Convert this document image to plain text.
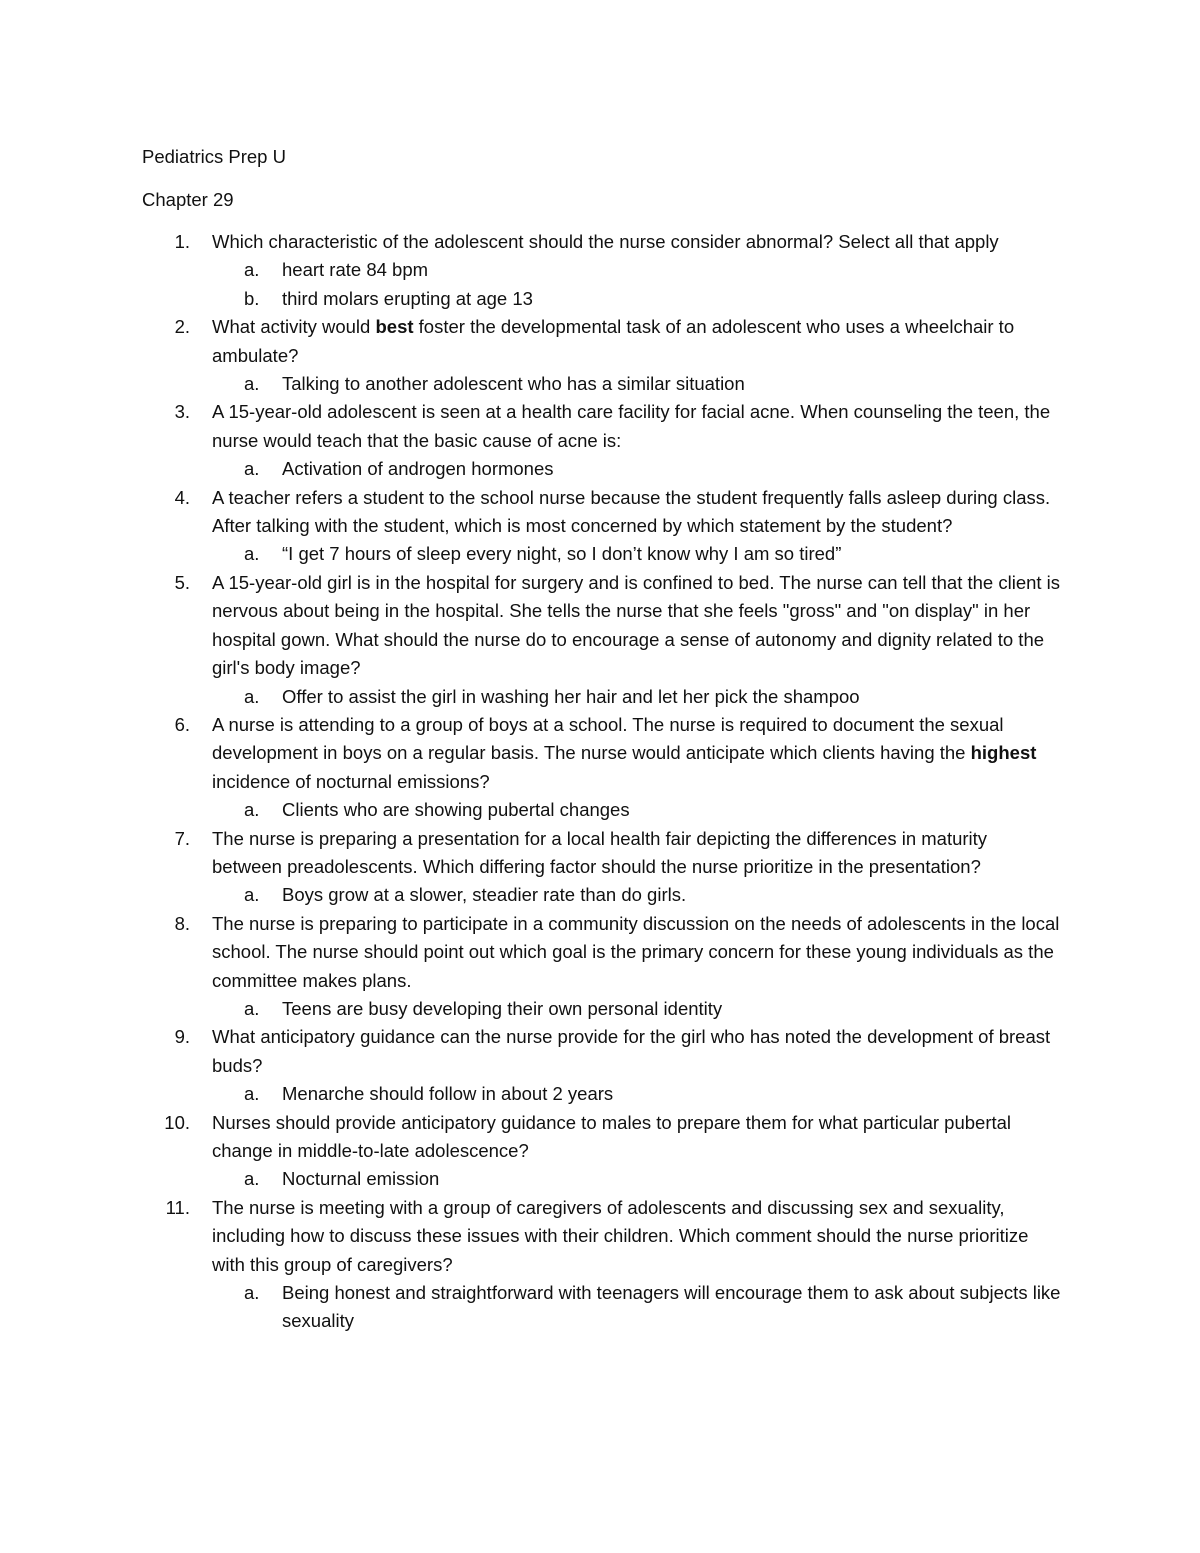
Pediatrics Prep U

Chapter 29

1. Which characteristic of the adolescent should the nurse consider abnormal? Select all that apply
a. heart rate 84 bpm
b. third molars erupting at age 13
2. What activity would best foster the developmental task of an adolescent who uses a wheelchair to ambulate?
a. Talking to another adolescent who has a similar situation
3. A 15-year-old adolescent is seen at a health care facility for facial acne. When counseling the teen, the nurse would teach that the basic cause of acne is:
a. Activation of androgen hormones
4. A teacher refers a student to the school nurse because the student frequently falls asleep during class. After talking with the student, which is most concerned by which statement by the student?
a. “I get 7 hours of sleep every night, so I don’t know why I am so tired”
5. A 15-year-old girl is in the hospital for surgery and is confined to bed. The nurse can tell that the client is nervous about being in the hospital. She tells the nurse that she feels "gross" and "on display" in her hospital gown. What should the nurse do to encourage a sense of autonomy and dignity related to the girl's body image?
a. Offer to assist the girl in washing her hair and let her pick the shampoo
6. A nurse is attending to a group of boys at a school. The nurse is required to document the sexual development in boys on a regular basis. The nurse would anticipate which clients having the highest incidence of nocturnal emissions?
a. Clients who are showing pubertal changes
7. The nurse is preparing a presentation for a local health fair depicting the differences in maturity between preadolescents. Which differing factor should the nurse prioritize in the presentation?
a. Boys grow at a slower, steadier rate than do girls.
8. The nurse is preparing to participate in a community discussion on the needs of adolescents in the local school. The nurse should point out which goal is the primary concern for these young individuals as the committee makes plans.
a. Teens are busy developing their own personal identity
9. What anticipatory guidance can the nurse provide for the girl who has noted the development of breast buds?
a. Menarche should follow in about 2 years
10. Nurses should provide anticipatory guidance to males to prepare them for what particular pubertal change in middle-to-late adolescence?
a. Nocturnal emission
11. The nurse is meeting with a group of caregivers of adolescents and discussing sex and sexuality, including how to discuss these issues with their children. Which comment should the nurse prioritize with this group of caregivers?
a. Being honest and straightforward with teenagers will encourage them to ask about subjects like sexuality
